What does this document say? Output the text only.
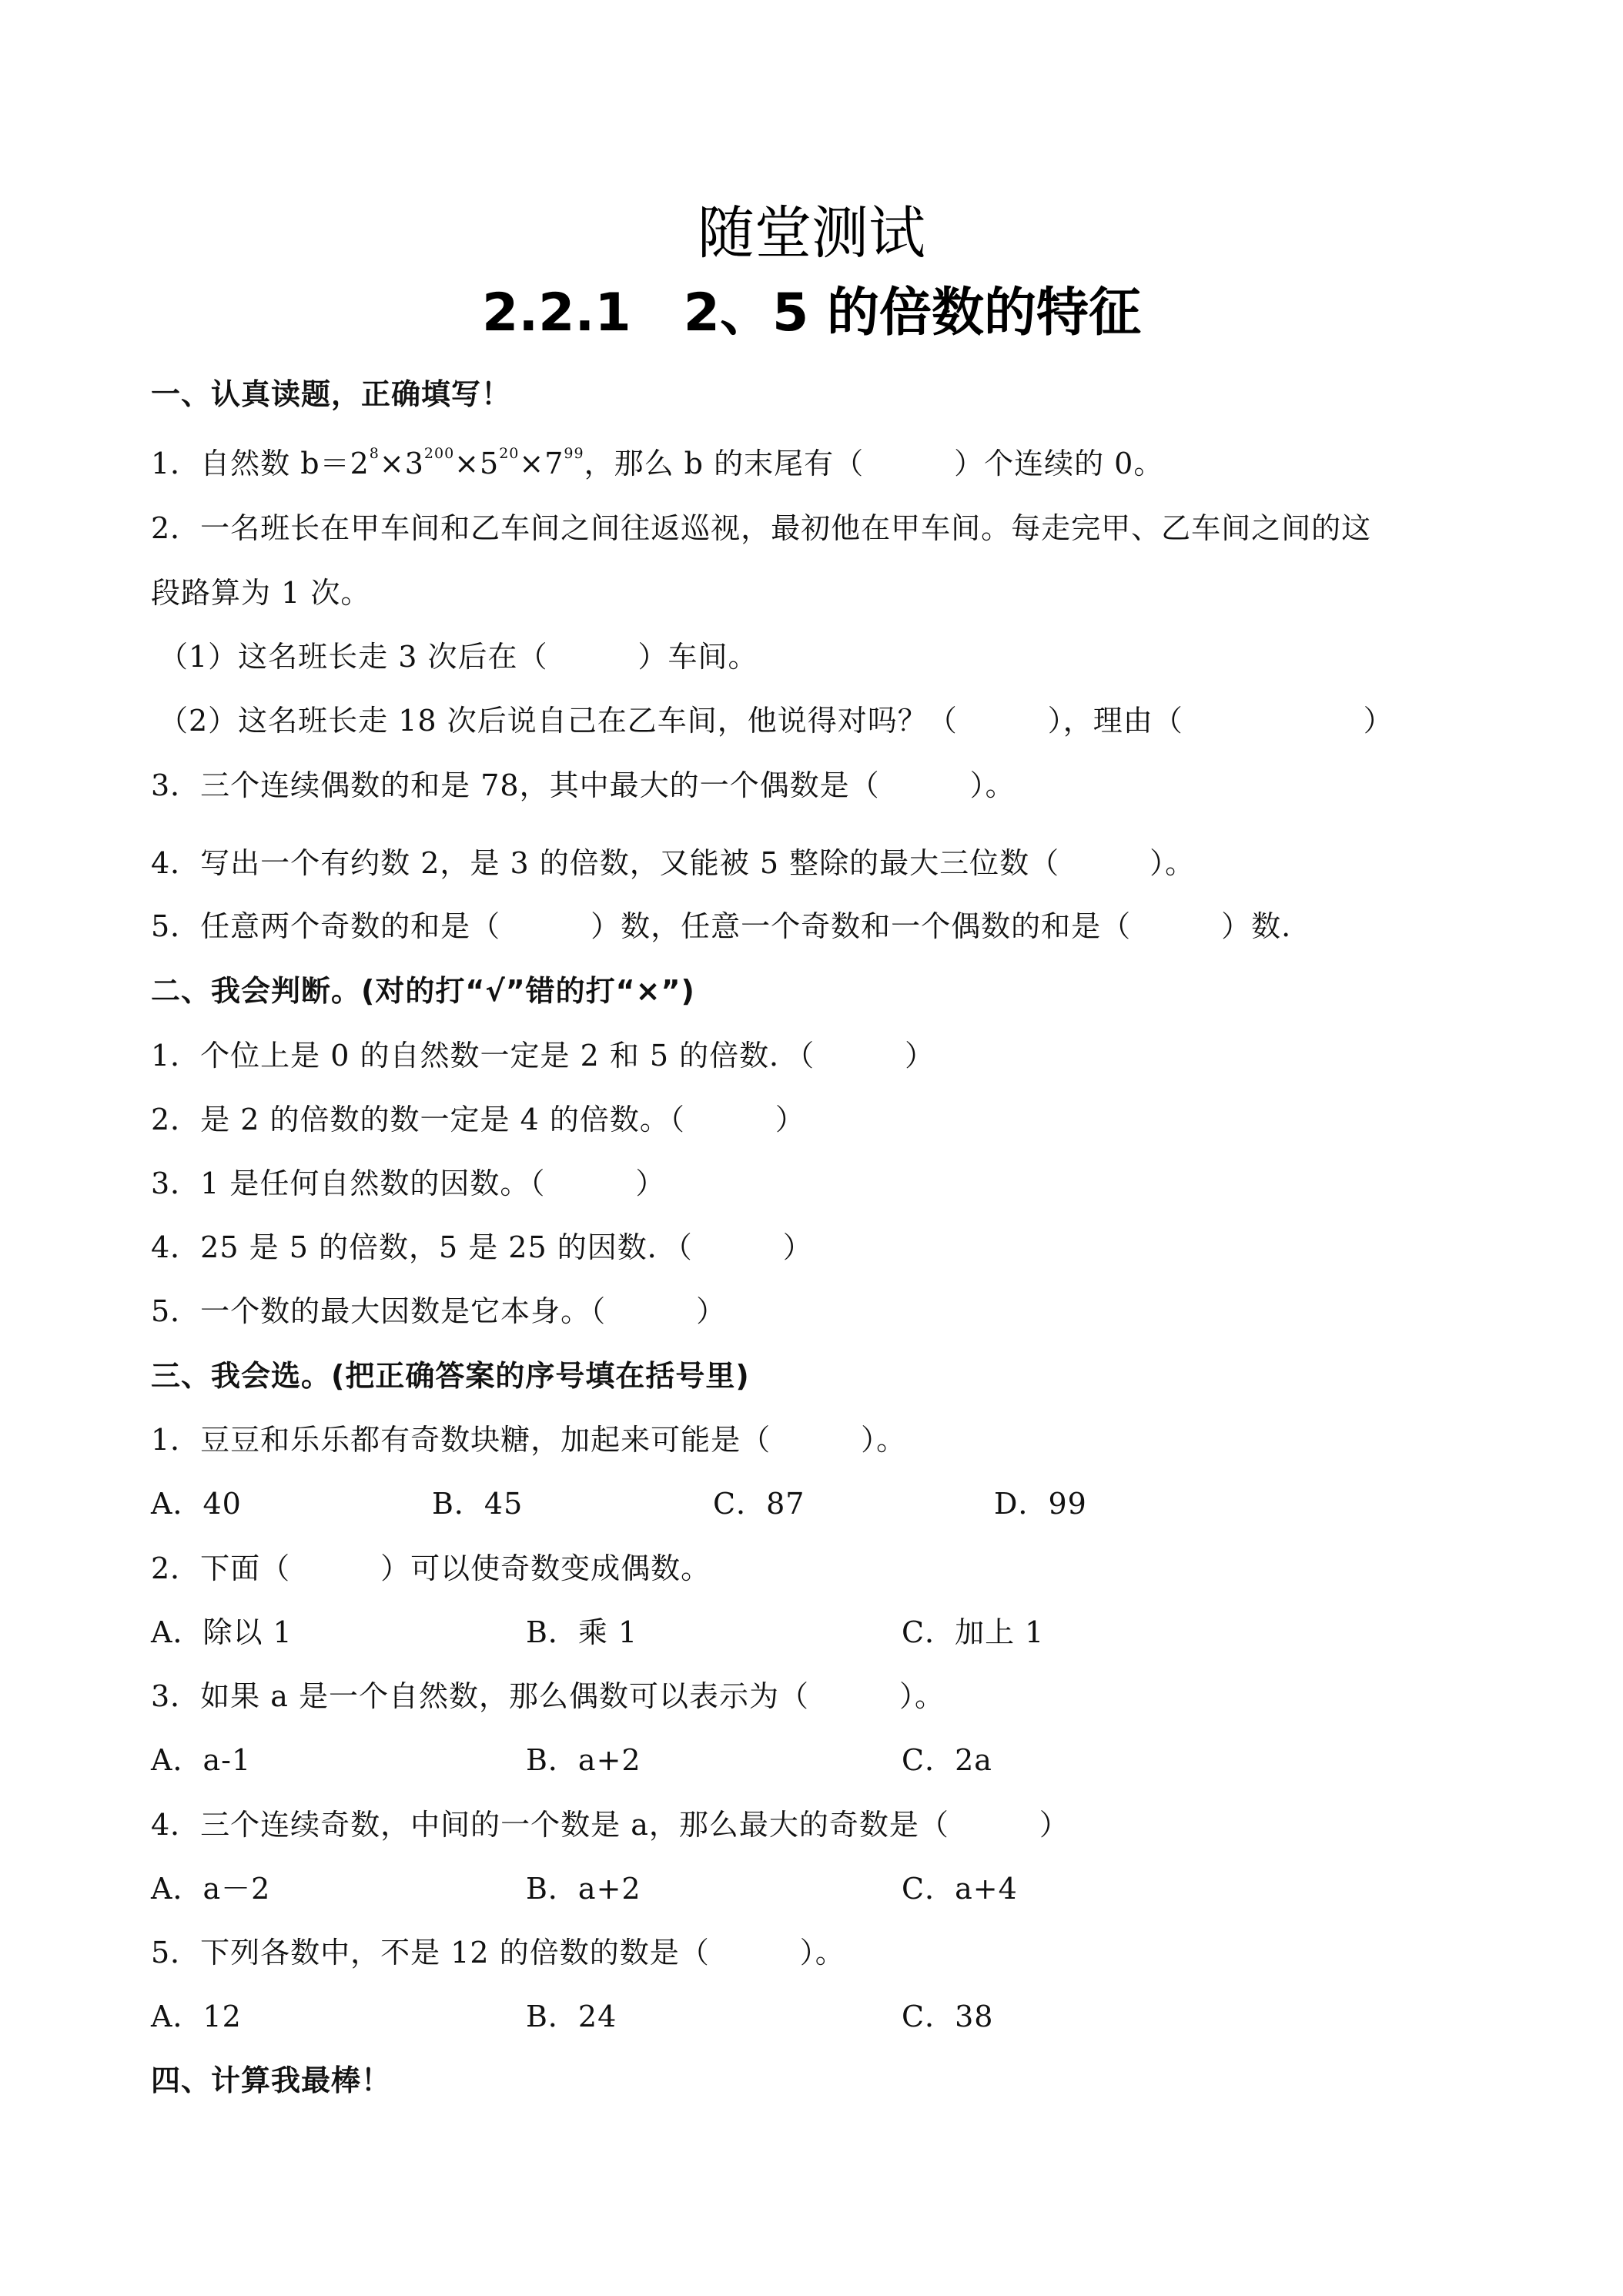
随堂测试
2.2.1　2、5 的倍数的特征
一、认真读题，正确填写！
1．自然数 $b=2^8\times 3^{200}\times 5^{20}\times 7^{99}$，那么 b 的末尾有（　　　）个连续的 0。
2．一名班长在甲车间和乙车间之间往返巡视，最初他在甲车间。每走完甲、乙车间之间的这
段路算为 1 次。
（1）这名班长走 3 次后在（　　　）车间。
（2）这名班长走 18 次后说自己在乙车间，他说得对吗？（　　　），理由（　　　　　　）
3．三个连续偶数的和是 78，其中最大的一个偶数是（　　　）。
4．写出一个有约数 2，是 3 的倍数，又能被 5 整除的最大三位数（　　　）。
5．任意两个奇数的和是（　　　）数，任意一个奇数和一个偶数的和是（　　　）数.
二、我会判断。(对的打“√”错的打“×”)
1．个位上是 0 的自然数一定是 2 和 5 的倍数．（　　　）
2．是 2 的倍数的数一定是 4 的倍数。（　　　）
3．1 是任何自然数的因数。（　　　）
4．25 是 5 的倍数，5 是 25 的因数．（　　　）
5．一个数的最大因数是它本身。（　　　）
三、我会选。(把正确答案的序号填在括号里)
1．豆豆和乐乐都有奇数块糖，加起来可能是（　　　）。
A．40	B．45	C．87	D．99
2．下面（　　　）可以使奇数变成偶数。
A．除以 1	B．乘 1	C．加上 1
3．如果 a 是一个自然数，那么偶数可以表示为（　　　）。
A．a-1	B．a+2	C．2a
4．三个连续奇数，中间的一个数是 a，那么最大的奇数是（　　　）
A．a－2	B．a+2	C．a+4
5．下列各数中，不是 12 的倍数的数是（　　　）。
A．12	B．24	C．38
四、计算我最棒！
